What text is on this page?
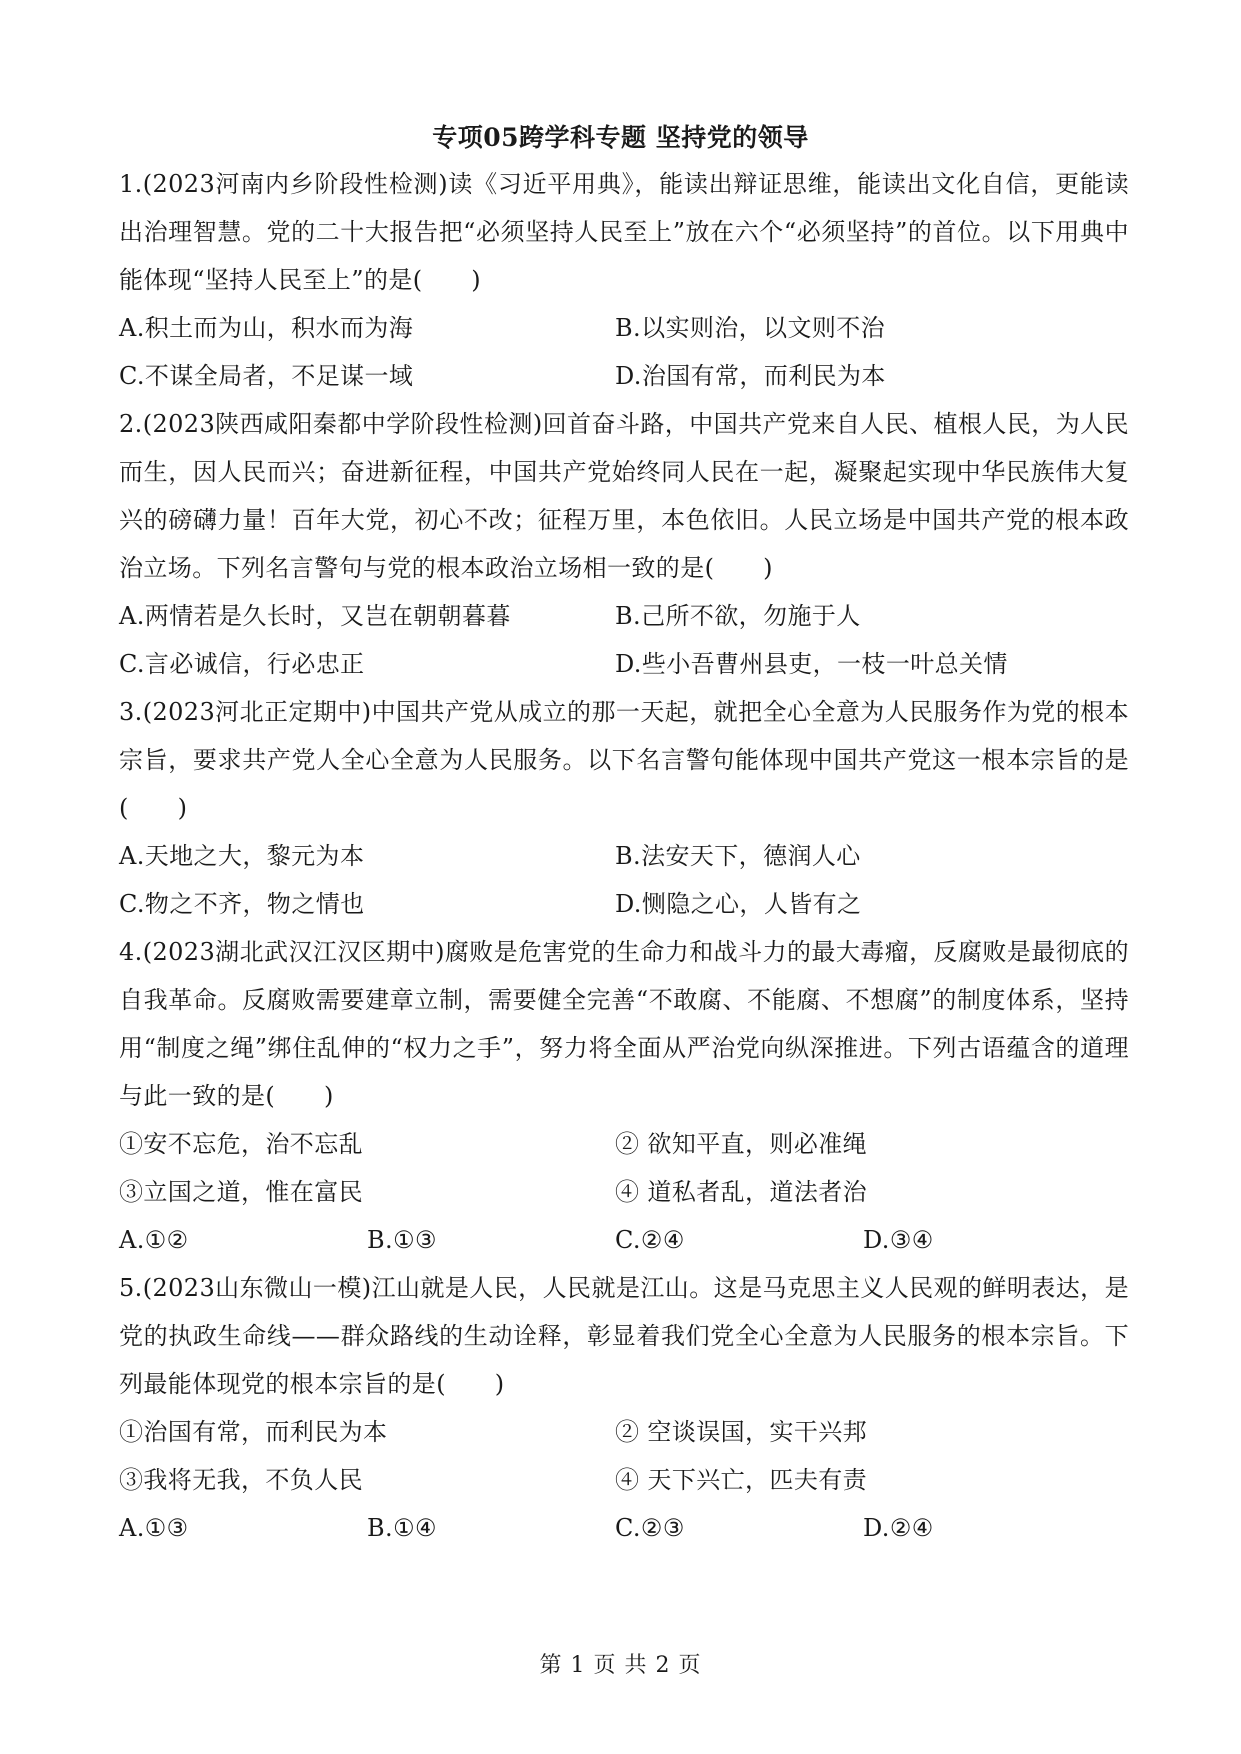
专项05跨学科专题 坚持党的领导
1.(2023河南内乡阶段性检测)读《习近平用典》，能读出辩证思维，能读出文化自信，更能读出治理智慧。党的二十大报告把“必须坚持人民至上”放在六个“必须坚持”的首位。以下用典中能体现“坚持人民至上”的是(　　)
A.积土而为山，积水而为海	B.以实则治，以文则不治
C.不谋全局者，不足谋一域	D.治国有常，而利民为本
2.(2023陕西咸阳秦都中学阶段性检测)回首奋斗路，中国共产党来自人民、植根人民，为人民而生，因人民而兴；奋进新征程，中国共产党始终同人民在一起，凝聚起实现中华民族伟大复兴的磅礴力量！百年大党，初心不改；征程万里，本色依旧。人民立场是中国共产党的根本政治立场。下列名言警句与党的根本政治立场相一致的是(　　)
A.两情若是久长时，又岂在朝朝暮暮	B.己所不欲，勿施于人
C.言必诚信，行必忠正	D.些小吾曹州县吏，一枝一叶总关情
3.(2023河北正定期中)中国共产党从成立的那一天起，就把全心全意为人民服务作为党的根本宗旨，要求共产党人全心全意为人民服务。以下名言警句能体现中国共产党这一根本宗旨的是(　　)
A.天地之大，黎元为本	B.法安天下，德润人心
C.物之不齐，物之情也	D.恻隐之心，人皆有之
4.(2023湖北武汉江汉区期中)腐败是危害党的生命力和战斗力的最大毒瘤，反腐败是最彻底的自我革命。反腐败需要建章立制，需要健全完善“不敢腐、不能腐、不想腐”的制度体系，坚持用“制度之绳”绑住乱伸的“权力之手”，努力将全面从严治党向纵深推进。下列古语蕴含的道理与此一致的是(　　)
①安不忘危，治不忘乱	② 欲知平直，则必准绳
③立国之道，惟在富民	④ 道私者乱，道法者治
A.①②	B.①③	C.②④	D.③④
5.(2023山东微山一模)江山就是人民，人民就是江山。这是马克思主义人民观的鲜明表达，是党的执政生命线——群众路线的生动诠释，彰显着我们党全心全意为人民服务的根本宗旨。下列最能体现党的根本宗旨的是(　　)
①治国有常，而利民为本	② 空谈误国，实干兴邦
③我将无我，不负人民	④ 天下兴亡，匹夫有责
A.①③	B.①④	C.②③	D.②④
第 1 页 共 2 页
